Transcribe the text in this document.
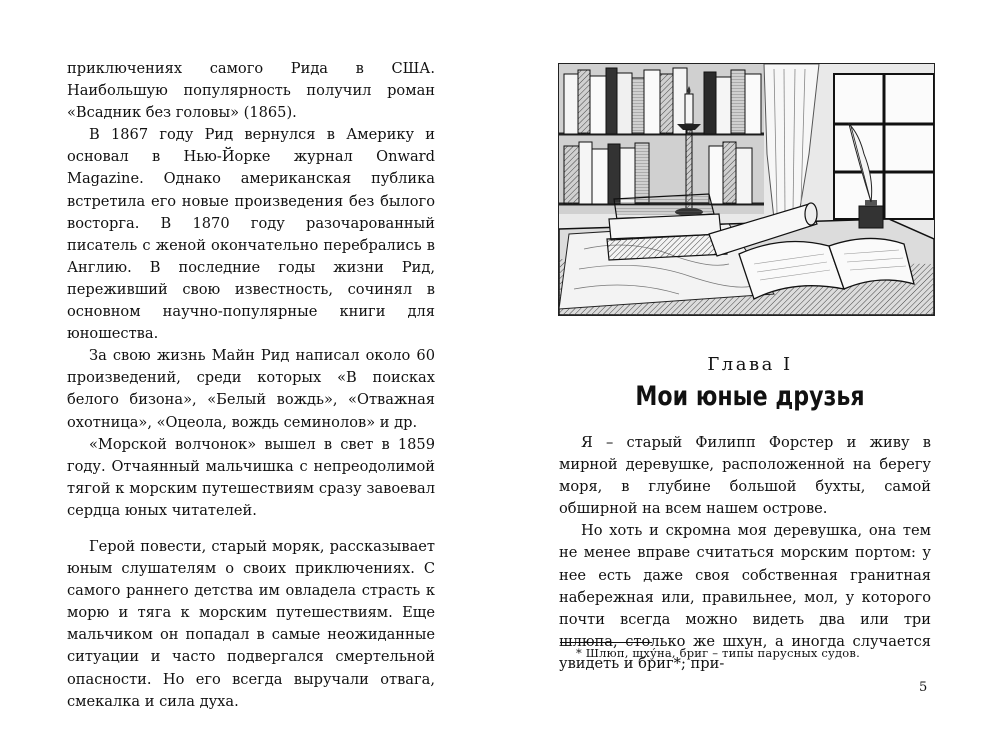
приключениях самого Рида в США. Наибольшую популярность получил роман «Всадник без головы» (1865).

В 1867 году Рид вернулся в Америку и основал в Нью-Йорке журнал Onward Magazine. Однако американская публика встретила его новые произведения без былого восторга. В 1870 году разочарованный писатель с женой окончательно перебрались в Англию. В последние годы жизни Рид, переживший свою известность, сочинял в основном научно-популярные книги для юношества.

За свою жизнь Майн Рид написал около 60 произведений, среди которых «В поисках белого бизона», «Белый вождь», «Отважная охотница», «Оцеола, вождь семинолов» и др.

«Морской волчонок» вышел в свет в 1859 году. Отчаянный мальчишка с непреодолимой тягой к морским путешествиям сразу завоевал сердца юных читателей.

Герой повести, старый моряк, рассказывает юным слушателям о своих приключениях. С самого раннего детства им овладела страсть к морю и тяга к морским путешествиям. Еще мальчиком он попадал в самые неожиданные ситуации и часто подвергался смертельной опасности. Но его всегда выручали отвага, смекалка и сила духа.

Глава I
Мои юные друзья

Я – старый Филипп Форстер и живу в мирной деревушке, расположенной на берегу моря, в глубине большой бухты, самой обширной на всем нашем острове.

Но хоть и скромна моя деревушка, она тем не менее вправе считаться морским портом: у нее есть даже своя собственная гранитная набережная или, правильнее, мол, у которого почти всегда можно видеть два или три шлюпа, столько же шхун, а иногда случается увидеть и бриг*; при-

* Шлюп, шху́на, бриг – типы парусных судов.
5
